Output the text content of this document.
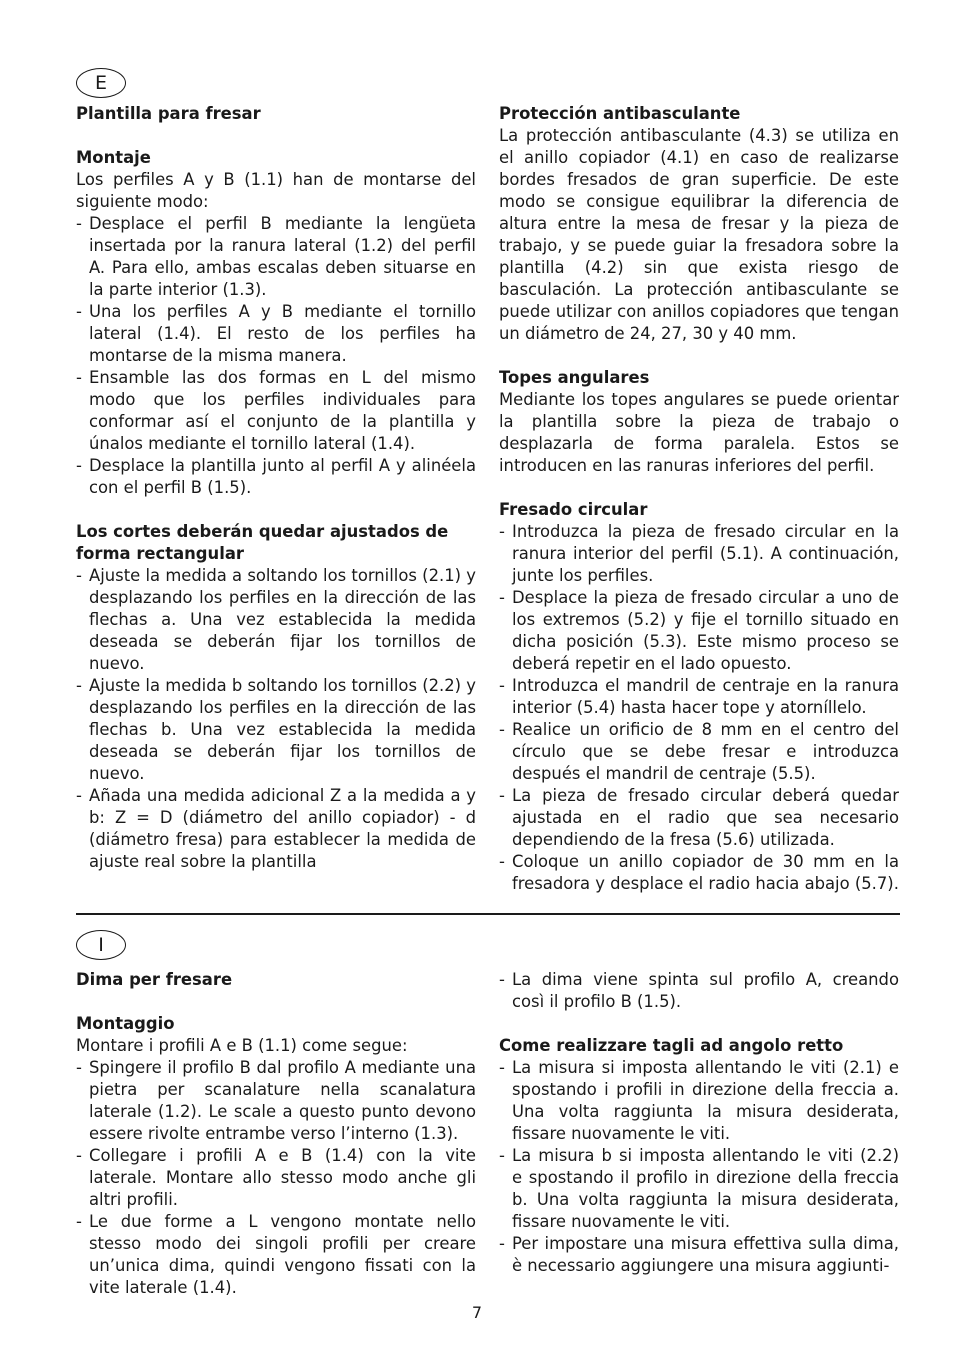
E
Plantilla para fresar
Montaje

Los perfiles A y B (1.1) han de montarse del siguiente modo:

- Desplace el perfil B mediante la lengüeta insertada por la ranura lateral (1.2) del perfil A. Para ello, ambas escalas deben situarse en la parte interior (1.3).
- Una los perfiles A y B mediante el tornillo lateral (1.4). El resto de los perfiles ha montarse de la misma manera.
- Ensamble las dos formas en L del mismo modo que los perfiles individuales para conformar así el conjunto de la plantilla y únalos mediante el tornillo lateral (1.4).
- Desplace la plantilla junto al perfil A y alinéela con el perfil B (1.5).
Los cortes deberán quedar ajustados de forma rectangular
- Ajuste la medida a soltando los tornillos (2.1) y desplazando los perfiles en la dirección de las flechas a. Una vez establecida la medida deseada se deberán fijar los tornillos de nuevo.
- Ajuste la medida b soltando los tornillos (2.2) y desplazando los perfiles en la dirección de las flechas b. Una vez establecida la medida deseada se deberán fijar los tornillos de nuevo.
- Añada una medida adicional Z a la medida a y b: Z = D (diámetro del anillo copiador) - d (diámetro fresa) para establecer la medida de ajuste real sobre la plantilla
Protección antibasculante

La protección antibasculante (4.3) se utiliza en el anillo copiador (4.1) en caso de realizarse bordes fresados de gran superficie. De este modo se consigue equilibrar la diferencia de altura entre la mesa de fresar y la pieza de trabajo, y se puede guiar la fresadora sobre la plantilla (4.2) sin que exista riesgo de basculación. La protección antibasculante se puede utilizar con anillos copiadores que tengan un diámetro de 24, 27, 30 y 40 mm.

Topes angulares

Mediante los topes angulares se puede orientar la plantilla sobre la pieza de trabajo o desplazarla de forma paralela. Estos se introducen en las ranuras inferiores del perfil.

Fresado circular
- Introduzca la pieza de fresado circular en la ranura interior del perfil (5.1). A continuación, junte los perfiles.
- Desplace la pieza de fresado circular a uno de los extremos (5.2) y fije el tornillo situado en dicha posición (5.3). Este mismo proceso se deberá repetir en el lado opuesto.
- Introduzca el mandril de centraje en la ranura interior (5.4) hasta hacer tope y atorníllelo.
- Realice un orificio de 8 mm en el centro del círculo que se debe fresar e introduzca después el mandril de centraje (5.5).
- La pieza de fresado circular deberá quedar ajustada en el radio que sea necesario dependiendo de la fresa (5.6) utilizada.
- Coloque un anillo copiador de 30 mm en la fresadora y desplace el radio hacia abajo (5.7).
I
Dima per fresare
Montaggio

Montare i profili A e B (1.1) come segue:

- Spingere il profilo B dal profilo A mediante una pietra per scanalature nella scanalatura laterale (1.2). Le scale a questo punto devono essere rivolte entrambe verso l’interno (1.3).
- Collegare i profili A e B (1.4) con la vite laterale. Montare allo stesso modo anche gli altri profili.
- Le due forme a L vengono montate nello stesso modo dei singoli profili per creare un’unica dima, quindi vengono fissati con la vite laterale (1.4).
- La dima viene spinta sul profilo A, creando così il profilo B (1.5).
Come realizzare tagli ad angolo retto
- La misura si imposta allentando le viti (2.1) e spostando i profili in direzione della freccia a. Una volta raggiunta la misura desiderata, fissare nuovamente le viti.
- La misura b si imposta allentando le viti (2.2) e spostando il profilo in direzione della freccia b. Una volta raggiunta la misura desiderata, fissare nuovamente le viti.
- Per impostare una misura effettiva sulla dima, è necessario aggiungere una misura aggiunti-
7
